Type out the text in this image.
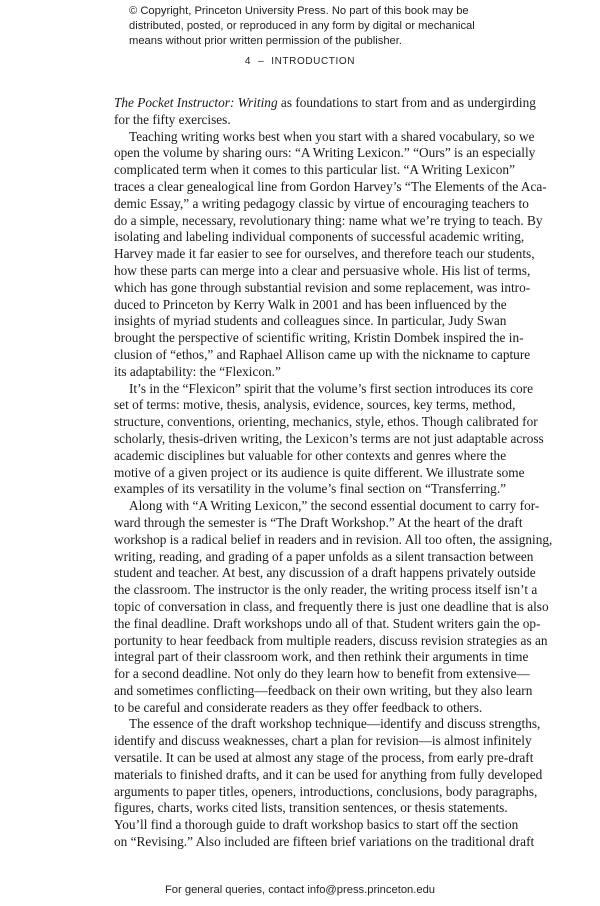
© Copyright, Princeton University Press. No part of this book may be
distributed, posted, or reproduced in any form by digital or mechanical
means without prior written permission of the publisher.
4 – INTRODUCTION
The Pocket Instructor: Writing as foundations to start from and as undergirding
for the fifty exercises.
Teaching writing works best when you start with a shared vocabulary, so we
open the volume by sharing ours: “A Writing Lexicon.” “Ours” is an especially
complicated term when it comes to this particular list. “A Writing Lexicon”
traces a clear genealogical line from Gordon Harvey’s “The Elements of the Aca-
demic Essay,” a writing pedagogy classic by virtue of encouraging teachers to
do a simple, necessary, revolutionary thing: name what we’re trying to teach. By
isolating and labeling individual components of successful academic writing,
Harvey made it far easier to see for ourselves, and therefore teach our students,
how these parts can merge into a clear and persuasive whole. His list of terms,
which has gone through substantial revision and some replacement, was intro-
duced to Princeton by Kerry Walk in 2001 and has been influenced by the
insights of myriad students and colleagues since. In particular, Judy Swan
brought the perspective of scientific writing, Kristin Dombek inspired the in-
clusion of “ethos,” and Raphael Allison came up with the nickname to capture
its adaptability: the “Flexicon.”
It’s in the “Flexicon” spirit that the volume’s first section introduces its core
set of terms: motive, thesis, analysis, evidence, sources, key terms, method,
structure, conventions, orienting, mechanics, style, ethos. Though calibrated for
scholarly, thesis-driven writing, the Lexicon’s terms are not just adaptable across
academic disciplines but valuable for other contexts and genres where the
motive of a given project or its audience is quite different. We illustrate some
examples of its versatility in the volume’s final section on “Transferring.”
Along with “A Writing Lexicon,” the second essential document to carry for-
ward through the semester is “The Draft Workshop.” At the heart of the draft
workshop is a radical belief in readers and in revision. All too often, the assigning,
writing, reading, and grading of a paper unfolds as a silent transaction between
student and teacher. At best, any discussion of a draft happens privately outside
the classroom. The instructor is the only reader, the writing process itself isn’t a
topic of conversation in class, and frequently there is just one deadline that is also
the final deadline. Draft workshops undo all of that. Student writers gain the op-
portunity to hear feedback from multiple readers, discuss revision strategies as an
integral part of their classroom work, and then rethink their arguments in time
for a second deadline. Not only do they learn how to benefit from extensive—
and sometimes conflicting—feedback on their own writing, but they also learn
to be careful and considerate readers as they offer feedback to others.
The essence of the draft workshop technique—identify and discuss strengths,
identify and discuss weaknesses, chart a plan for revision—is almost infinitely
versatile. It can be used at almost any stage of the process, from early pre-draft
materials to finished drafts, and it can be used for anything from fully developed
arguments to paper titles, openers, introductions, conclusions, body paragraphs,
figures, charts, works cited lists, transition sentences, or thesis statements.
You’ll find a thorough guide to draft workshop basics to start off the section
on “Revising.” Also included are fifteen brief variations on the traditional draft
For general queries, contact info@press.princeton.edu
